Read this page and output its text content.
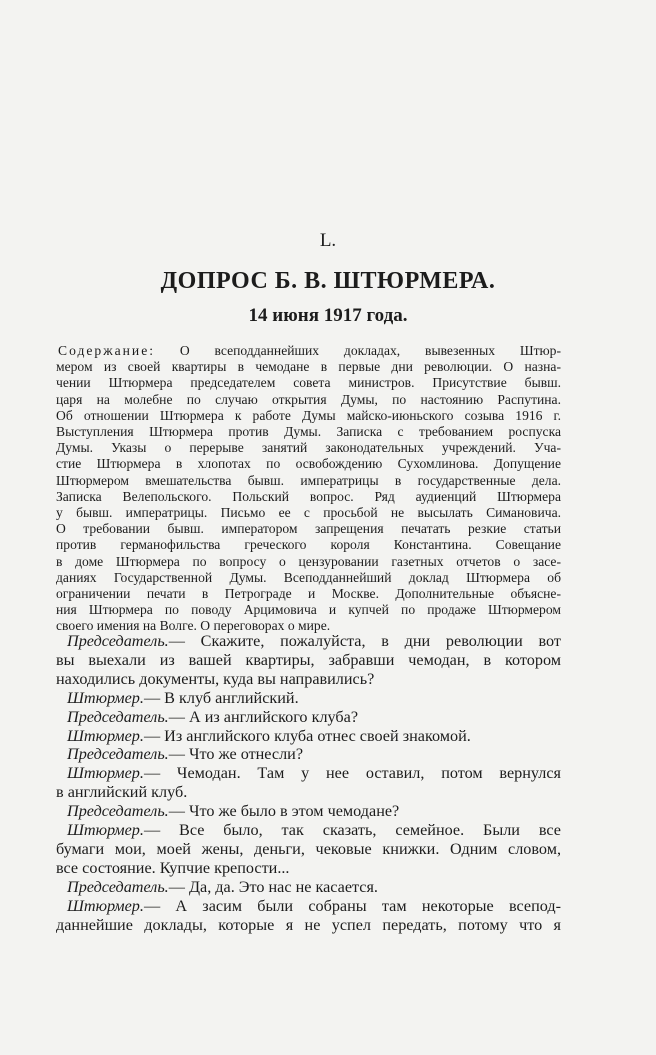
L.
ДОПРОС Б. В. ШТЮРМЕРА.
14 июня 1917 года.
Содержание: О всеподданнейших докладах, вывезенных Штюр-
мером из своей квартиры в чемодане в первые дни революции. О назна-
чении Штюрмера председателем совета министров. Присутствие бывш.
царя на молебне по случаю открытия Думы, по настоянию Распутина.
Об отношении Штюрмера к работе Думы майско-июньского созыва 1916 г.
Выступления Штюрмера против Думы. Записка с требованием роспуска
Думы. Указы о перерыве занятий законодательных учреждений. Уча-
стие Штюрмера в хлопотах по освобождению Сухомлинова. Допущение
Штюрмером вмешательства бывш. императрицы в государственные дела.
Записка Велепольского. Польский вопрос. Ряд аудиенций Штюрмера
у бывш. императрицы. Письмо ее с просьбой не высылать Симановича.
О требовании бывш. императором запрещения печатать резкие статьи
против германофильства греческого короля Константина. Совещание
в доме Штюрмера по вопросу о цензуровании газетных отчетов о засе-
даниях Государственной Думы. Всеподданнейший доклад Штюрмера об
ограничении печати в Петрограде и Москве. Дополнительные объясне-
ния Штюрмера по поводу Арцимовича и купчей по продаже Штюрмером
своего имения на Волге. О переговорах о мире.
Председатель.— Скажите, пожалуйста, в дни революции вот
вы выехали из вашей квартиры, забравши чемодан, в котором
находились документы, куда вы направились?
Штюрмер.— В клуб английский.
Председатель.— А из английского клуба?
Штюрмер.— Из английского клуба отнес своей знакомой.
Председатель.— Что же отнесли?
Штюрмер.— Чемодан. Там у нее оставил, потом вернулся
в английский клуб.
Председатель.— Что же было в этом чемодане?
Штюрмер.— Все было, так сказать, семейное. Были все
бумаги мои, моей жены, деньги, чековые книжки. Одним словом,
все состояние. Купчие крепости...
Председатель.— Да, да. Это нас не касается.
Штюрмер.— А засим были собраны там некоторые всепод-
даннейшие доклады, которые я не успел передать, потому что я
